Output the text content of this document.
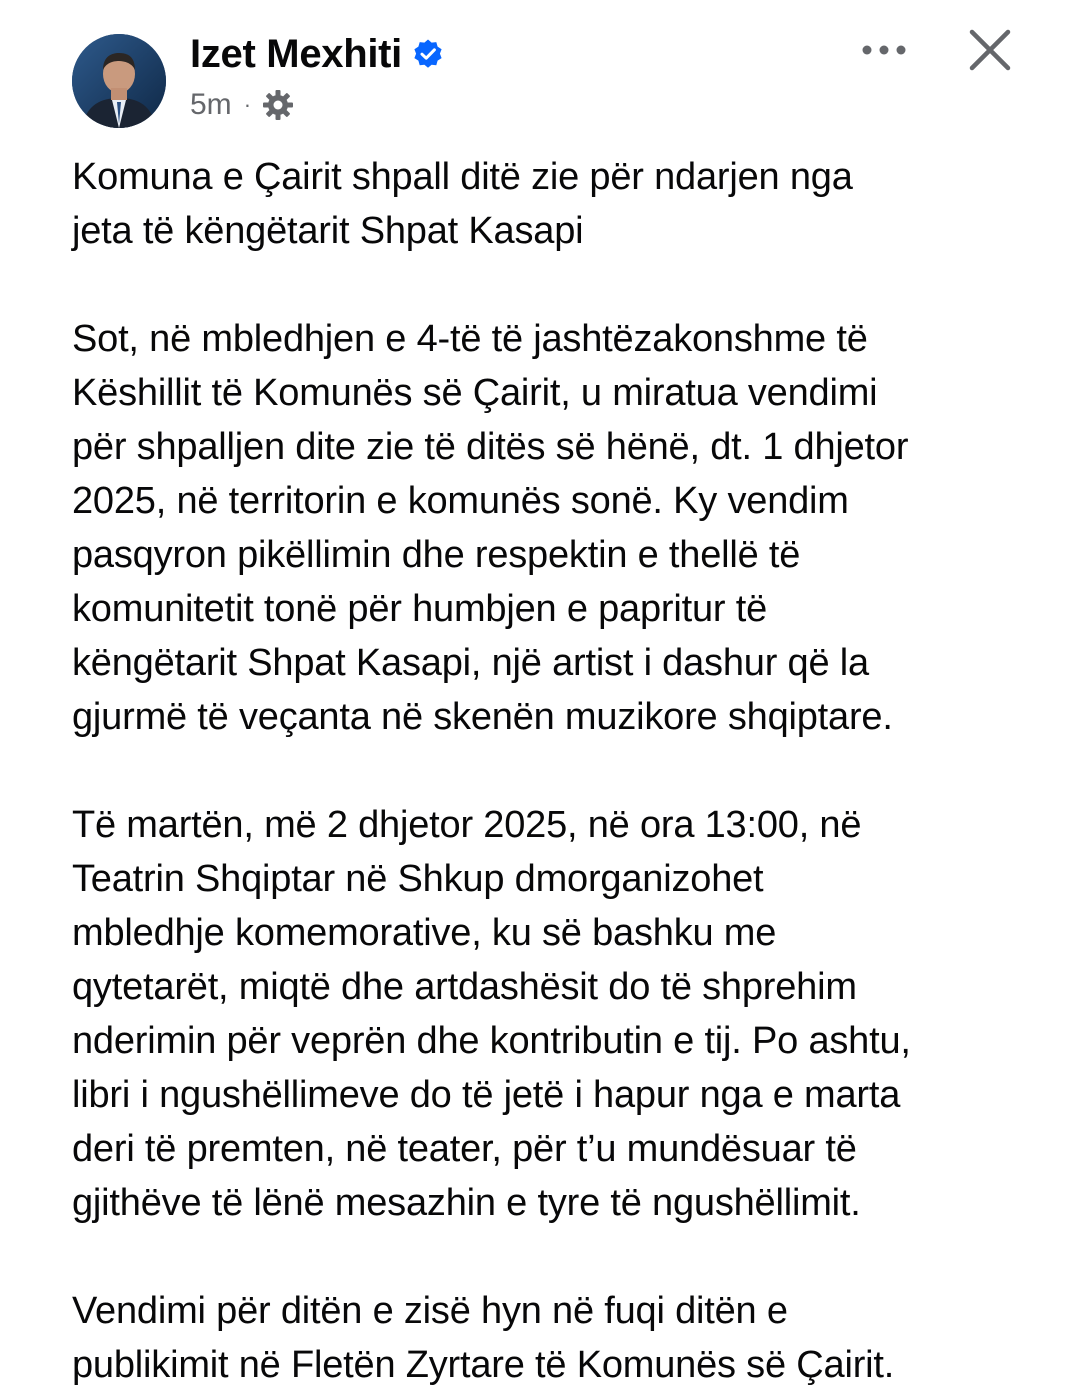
Izet Mexhiti
5m ·

Komuna e Çairit shpall ditë zie për ndarjen nga
jeta të këngëtarit Shpat Kasapi

Sot, në mbledhjen e 4-të të jashtëzakonshme të
Këshillit të Komunës së Çairit, u miratua vendimi
për shpalljen dite zie të ditës së hënë, dt. 1 dhjetor
2025, në territorin e komunës sonë. Ky vendim
pasqyron pikëllimin dhe respektin e thellë të
komunitetit tonë për humbjen e papritur të
këngëtarit Shpat Kasapi, një artist i dashur që la
gjurmë të veçanta në skenën muzikore shqiptare.

Të martën, më 2 dhjetor 2025, në ora 13:00, në
Teatrin Shqiptar në Shkup dmorganizohet
mbledhje komemorative, ku së bashku me
qytetarët, miqtë dhe artdashësit do të shprehim
nderimin për veprën dhe kontributin e tij. Po ashtu,
libri i ngushëllimeve do të jetë i hapur nga e marta
deri të premten, në teater, për t’u mundësuar të
gjithëve të lënë mesazhin e tyre të ngushëllimit.

Vendimi për ditën e zisë hyn në fuqi ditën e
publikimit në Fletën Zyrtare të Komunës së Çairit.
